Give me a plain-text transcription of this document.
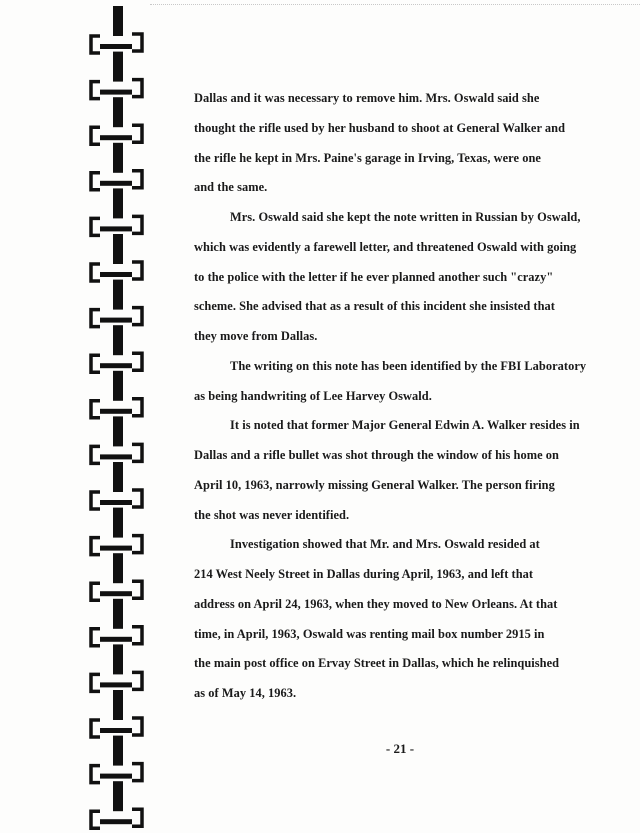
Dallas and it was necessary to remove him. Mrs. Oswald said she

thought the rifle used by her husband to shoot at General Walker and

the rifle he kept in Mrs. Paine's garage in Irving, Texas, were one

and the same.

Mrs. Oswald said she kept the note written in Russian by Oswald,

which was evidently a farewell letter, and threatened Oswald with going

to the police with the letter if he ever planned another such "crazy"

scheme. She advised that as a result of this incident she insisted that

they move from Dallas.

The writing on this note has been identified by the FBI Laboratory

as being handwriting of Lee Harvey Oswald.

It is noted that former Major General Edwin A. Walker resides in

Dallas and a rifle bullet was shot through the window of his home on

April 10, 1963, narrowly missing General Walker. The person firing

the shot was never identified.

Investigation showed that Mr. and Mrs. Oswald resided at

214 West Neely Street in Dallas during April, 1963, and left that

address on April 24, 1963, when they moved to New Orleans. At that

time, in April, 1963, Oswald was renting mail box number 2915 in

the main post office on Ervay Street in Dallas, which he relinquished

as of May 14, 1963.

- 21 -
